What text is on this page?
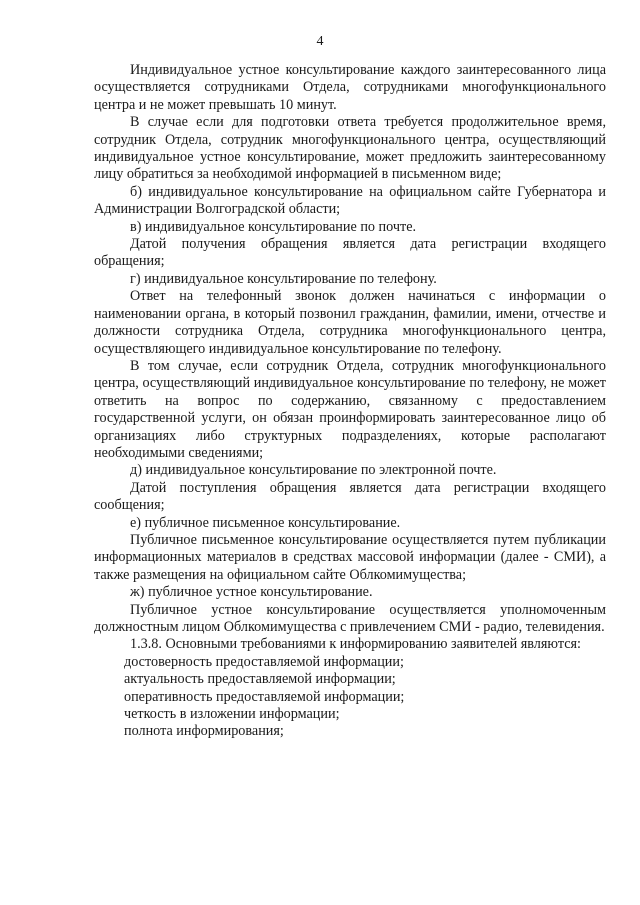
4

Индивидуальное устное консультирование каждого заинтересованного лица осуществляется сотрудниками Отдела, сотрудниками многофункционального центра и не может превышать 10 минут.

В случае если для подготовки ответа требуется продолжительное время, сотрудник Отдела, сотрудник многофункционального центра, осуществляющий индивидуальное устное консультирование, может предложить заинтересованному лицу обратиться за необходимой информацией в письменном виде;

б) индивидуальное консультирование на официальном сайте Губернатора и Администрации Волгоградской области;

в) индивидуальное консультирование по почте.

Датой получения обращения является дата регистрации входящего обращения;

г) индивидуальное консультирование по телефону.

Ответ на телефонный звонок должен начинаться с информации о наименовании органа, в который позвонил гражданин, фамилии, имени, отчестве и должности сотрудника Отдела, сотрудника многофункционального центра, осуществляющего индивидуальное консультирование по телефону.

В том случае, если сотрудник Отдела, сотрудник многофункционального центра, осуществляющий индивидуальное консультирование по телефону, не может ответить на вопрос по содержанию, связанному с предоставлением государственной услуги, он обязан проинформировать заинтересованное лицо об организациях либо структурных подразделениях, которые располагают необходимыми сведениями;

д) индивидуальное консультирование по электронной почте.

Датой поступления обращения является дата регистрации входящего сообщения;

е) публичное письменное консультирование.

Публичное письменное консультирование осуществляется путем публикации информационных материалов в средствах массовой информации (далее - СМИ), а также размещения на официальном сайте Облкомимущества;

ж) публичное устное консультирование.

Публичное устное консультирование осуществляется уполномоченным должностным лицом Облкомимущества с привлечением СМИ - радио, телевидения.

1.3.8. Основными требованиями к информированию заявителей являются:

достоверность предоставляемой информации;

актуальность предоставляемой информации;

оперативность предоставляемой информации;

четкость в изложении информации;

полнота информирования;
